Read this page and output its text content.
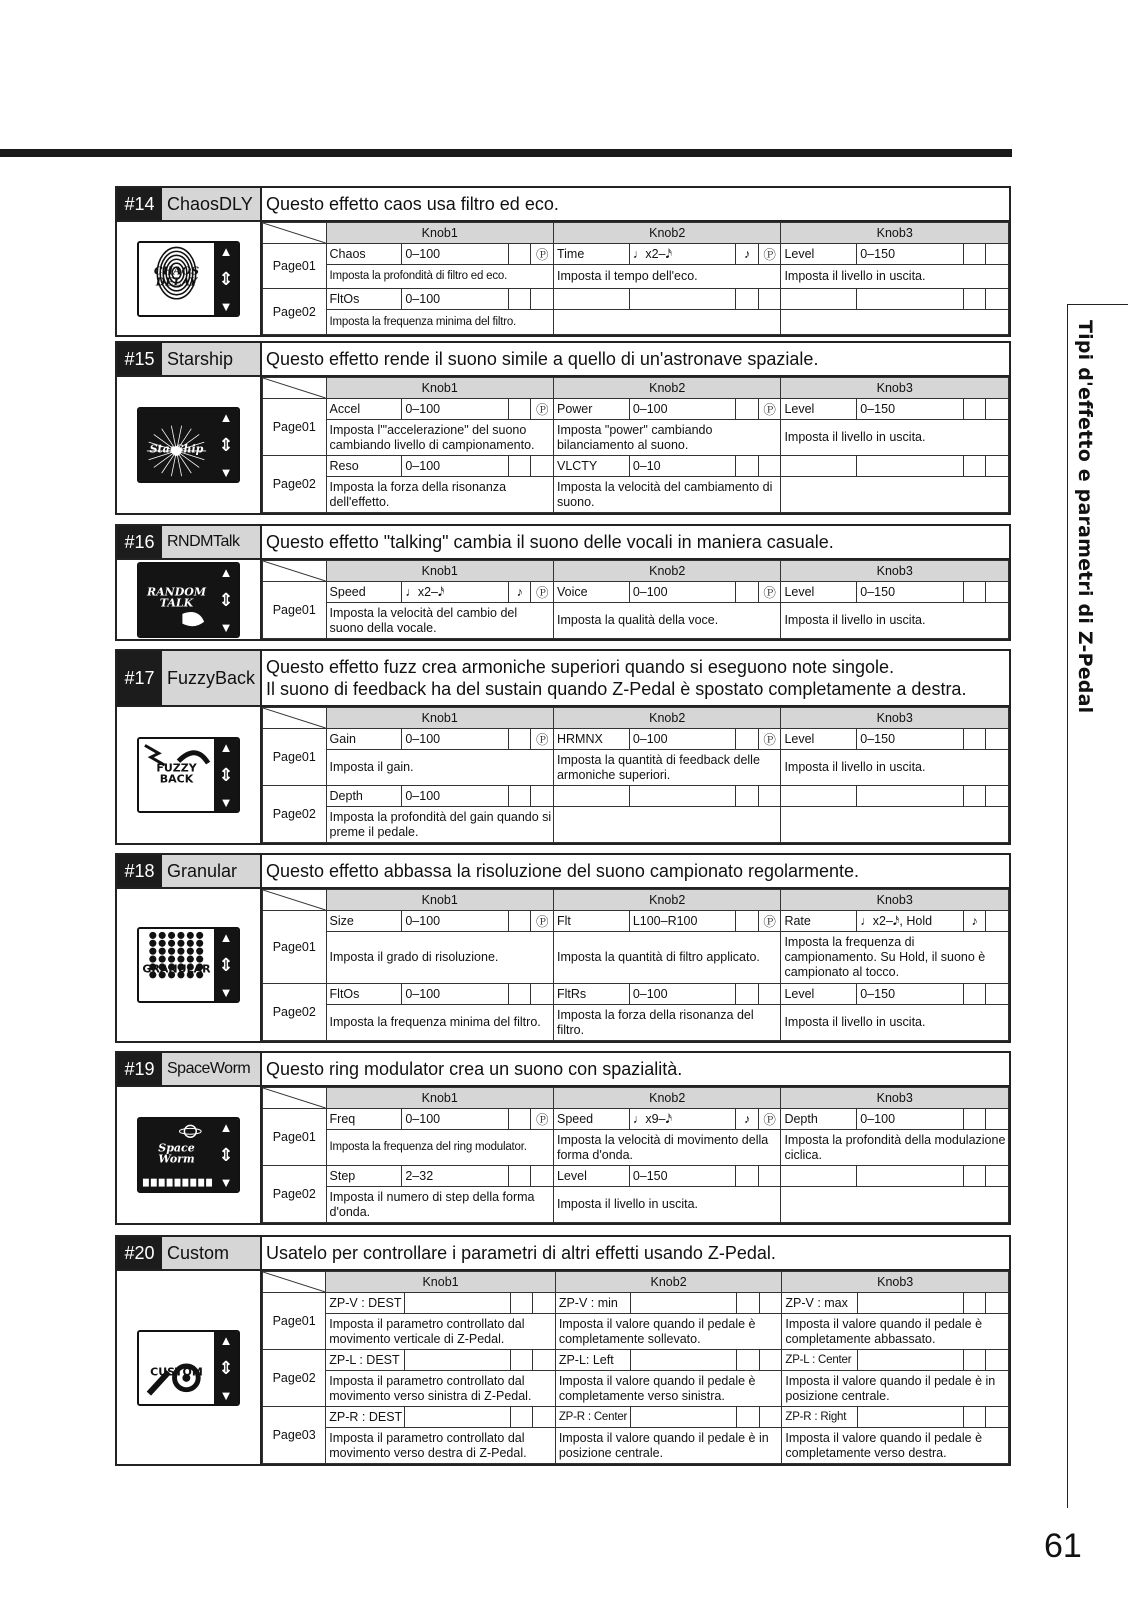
Tipi d'effetto e parametri di Z-Pedal
61
#14 ChaosDLY Questo effetto caos usa filtro ed eco.
CHAOS
DELAY
▲
⇕
▼
	Knob1				Knob2				Knob3			
Page01	Chaos	0–100		Ⓟ	Time	♩x2–𝅘𝅥𝅯	♪	Ⓟ	Level	0–150		
	Imposta la profondità di filtro ed eco.				Imposta il tempo dell'eco.				Imposta il livello in uscita.			
Page02	FltOs	0–100										
	Imposta la frequenza minima del filtro.											
#15 Starship	Questo effetto rende il suono simile a quello di un'astronave spaziale.
StarShip
▲
⇕
▼
	Knob1				Knob2				Knob3			
Page01	Accel	0–100		Ⓟ	Power	0–100		Ⓟ	Level	0–150		
	Imposta l'"accelerazione" del suono cambiando livello di campionamento.				Imposta "power" cambiando bilanciamento al suono.				Imposta il livello in uscita.			
Page02	Reso	0–100			VLCTY	0–10						
	Imposta la forza della risonanza dell'effetto.				Imposta la velocità del cambiamento di suono.							
#16 RNDMTalk	Questo effetto "talking" cambia il suono delle vocali in maniera casuale.
RANDOM
TALK
▲
⇕
▼
	Knob1				Knob2				Knob3			
Page01	Speed	♩x2–𝅘𝅥𝅯	♪	Ⓟ	Voice	0–100		Ⓟ	Level	0–150		
	Imposta la velocità del cambio del suono della vocale.				Imposta la qualità della voce.				Imposta il livello in uscita.			
#17 FuzzyBack
Questo effetto fuzz crea armoniche superiori quando si eseguono note singole.
Il suono di feedback ha del sustain quando Z-Pedal è spostato completamente a destra.
FUZZY
BACK
▲
⇕
▼
	Knob1				Knob2				Knob3			
Page01	Gain	0–100		Ⓟ	HRMNX	0–100		Ⓟ	Level	0–150		
	Imposta il gain.				Imposta la quantità di feedback delle armoniche superiori.				Imposta il livello in uscita.			
Page02	Depth	0–100										
	Imposta la profondità del gain quando si preme il pedale.											
#18 Granular	Questo effetto abbassa la risoluzione del suono campionato regolarmente.
GRANULAR
▲
⇕
▼
	Knob1				Knob2				Knob3			
Page01	Size	0–100		Ⓟ	Flt	L100–R100		Ⓟ	Rate	♩x2–𝅘𝅥𝅯, Hold	♪	
	Imposta il grado di risoluzione.				Imposta la quantità di filtro applicato.				Imposta la frequenza di campionamento. Su Hold, il suono è campionato al tocco.			
Page02	FltOs	0–100			FltRs	0–100			Level	0–150		
	Imposta la frequenza minima del filtro.				Imposta la forza della risonanza del filtro.				Imposta il livello in uscita.			
#19 SpaceWorm Questo ring modulator crea un suono con spazialità.
Space
Worm
▲
⇕
▼
	Knob1				Knob2				Knob3			
Page01	Freq	0–100		Ⓟ	Speed	♩x9–𝅘𝅥𝅯	♪	Ⓟ	Depth	0–100		
	Imposta la frequenza del ring modulator.				Imposta la velocità di movimento della forma d'onda.				Imposta la profondità della modulazione ciclica.			
Page02	Step	2–32			Level	0–150						
	Imposta il numero di step della forma d'onda.				Imposta il livello in uscita.							
#20 Custom	Usatelo per controllare i parametri di altri effetti usando Z-Pedal.
CUSTOM
▲
⇕
▼
	Knob1				Knob2				Knob3			
Page01	ZP-V : DEST				ZP-V : min				ZP-V : max			
	Imposta il parametro controllato dal movimento verticale di Z-Pedal.				Imposta il valore quando il pedale è completamente sollevato.				Imposta il valore quando il pedale è completamente abbassato.			
Page02	ZP-L : DEST				ZP-L: Left				ZP-L : Center			
	Imposta il parametro controllato dal movimento verso sinistra di Z-Pedal.				Imposta il valore quando il pedale è completamente verso sinistra.				Imposta il valore quando il pedale è in posizione centrale.			
Page03	ZP-R : DEST				ZP-R : Center				ZP-R : Right			
	Imposta il parametro controllato dal movimento verso destra di Z-Pedal.				Imposta il valore quando il pedale è in posizione centrale.				Imposta il valore quando il pedale è completamente verso destra.			
